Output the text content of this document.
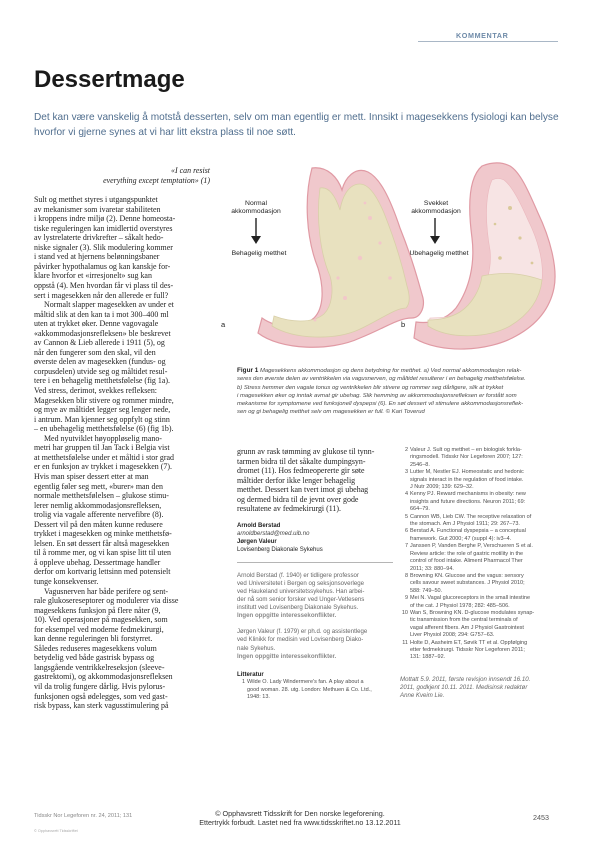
KOMMENTAR
Dessertmage

Det kan være vanskelig å motstå desserten, selv om man egentlig er mett. Innsikt i magesekkens fysiologi kan belyse hvorfor vi gjerne synes at vi har litt ekstra plass til noe søtt.

«I can resist
everything except temptation» (1)

Sult og metthet styres i utgangspunktet
av mekanismer som ivaretar stabiliteten
i kroppens indre miljø (2). Denne homeosta-
tiske reguleringen kan imidlertid overstyres
av lystrelaterte drivkrefter – såkalt hedo-
niske signaler (3). Slik modulering kommer
i stand ved at hjernens belønningsbaner
påvirker hypothalamus og kan kanskje for-
klare hvorfor et «irresjonelt» sug kan
oppstå (4). Men hvordan får vi plass til des-
sert i magesekken når den allerede er full?
Normalt slapper magesekken av under et
måltid slik at den kan ta i mot 300–400 ml
uten at trykket øker. Denne vagovagale
«akkommodasjonsrefleksen» ble beskrevet
av Cannon & Lieb allerede i 1911 (5), og
når den fungerer som den skal, vil den
øverste delen av magesekken (fundus- og
corpusdelen) utvide seg og måltidet resul-
tere i en behagelig metthetsfølelse (fig 1a).
Ved stress, derimot, svekkes refleksen:
Magesekken blir stivere og rommer mindre,
og mye av måltidet legger seg lenger nede,
i antrum. Man kjenner seg oppfylt og stinn
– en ubehagelig metthetsfølelse (6) (fig 1b).
Med nyutviklet høyoppløselig mano-
metri har gruppen til Jan Tack i Belgia vist
at metthetsfølelse under et måltid i stor grad
er en funksjon av trykket i magesekken (7).
Hvis man spiser dessert etter at man
egentlig føler seg mett, «burer» man den
normale metthetsfølelsen – glukose stimu-
lerer nemlig akkommodasjonsrefleksen,
trolig via vagale afferente nervefibre (8).
Dessert vil på den måten kunne redusere
trykket i magesekken og minke metthetsfø-
lelsen. En søt dessert får altså magesekken
til å romme mer, og vi kan spise litt til uten
å oppleve ubehag. Dessertmage handler
derfor om kortvarig lettsinn med potensielt
tunge konsekvenser.
Vagusnerven har både perifere og sent-
rale glukosereseptorer og modulerer via disse
magesekkens funksjon på flere nåter (9,
10). Ved operasjoner på magesekken, som
for eksempel ved moderne fedmekirurgi,
kan denne reguleringen bli forstyrret.
Således reduseres magesekkens volum
betydelig ved både gastrisk bypass og
langsgående ventrikkelreseksjon (sleeve-
gastrektomi), og akkommodasjonsrefleksen
vil da trolig fungere dårlig. Hvis pylorus-
funksjonen også ødelegges, som ved gast-
risk bypass, kan sterk vagusstimulering på
Normal
akkommodasjon
Behagelig metthet
Svekket
akkommodasjon
Ubehagelig metthet
a	b
Figur 1 Magesekkens akkommodasjon og dens betydning for metthet. a) Ved normal akkommodasjon relak-
seres den øverste delen av ventrikkelen via vagusnerven, og måltidet resulterer i en behagelig metthetsfølelse.
b) Stress hemmer den vagale tonus og ventrikkelen blir stivere og rommer seg dårligere, slik at trykket
i magesekken øker og inntak avmat gir ubehag. Slik hemming av akkommodasjonsrefleksen er forstått som
mekanisme for symptomene ved funksjonell dyspepsi (6). En søt dessert vil stimulere akkommodasjonsreflek-
sen og gi behagelig metthet selv om magesekken er full. © Kari Toverud
grunn av rask tømming av glukose til tynn-
tarmen bidra til det såkalte dumpingsyn-
dromet (11). Hos fedmeopererte gir søte
måltider derfor ikke lenger behagelig
metthet. Dessert kan tvert imot gi ubehag
og dermed bidra til de jevnt over gode
resultatene av fedmekirurgi (11).
Arnold Berstad
arnoldberstad@med.uib.no
Jørgen Valeur
Lovisenberg Diakonale Sykehus
Arnold Berstad (f. 1940) er tidligere professor
ved Universitetet i Bergen og seksjonsoverlege
ved Haukeland universitetssykehus. Han arbei-
der nå som senior forsker ved Unger-Vetlesens
institutt ved Lovisenberg Diakonale Sykehus.
Ingen oppgitte interessekonflikter.
Jørgen Valeur (f. 1979) er ph.d. og assistentlege
ved Klinikk for medisin ved Lovisenberg Diako-
nale Sykehus.
Ingen oppgitte interessekonflikter.
Litteratur
1 Wilde O. Lady Windermere's fan. A play about a
good woman. 28. utg. London: Methuen & Co. Ltd.,
1948: 13.
2 Valeur J. Sult og metthet – en biologisk forkla-
ringsmodell. Tidsskr Nor Legeforen 2007; 127:
2546–8.
3 Lutter M, Nestler EJ. Homeostatic and hedonic
signals interact in the regulation of food intake.
J Nutr 2009; 139: 629–32.
4 Kenny PJ. Reward mechanisms in obesity: new
insights and future directions. Neuron 2011; 69:
664–79.
5 Cannon WB, Lieb CW. The receptive relaxation of
the stomach. Am J Physiol 1911; 29: 267–73.
6 Berstad A. Functional dyspepsia – a conceptual
framework. Gut 2000; 47 (suppl 4): iv3–4.
7 Janssen P, Vanden Berghe P, Verschueren S et al.
Review article: the role of gastric motility in the
control of food intake. Aliment Pharmacol Ther
2011; 33: 880–94.
8 Browning KN. Glucose and the vagus: sensory
cells savour sweet substances. J Physiol 2010;
588: 749–50.
9 Mei N. Vagal glucoreceptors in the small intestine
of the cat. J Physiol 1978; 282: 485–506.
10 Wan S, Browning KN. D-glucose modulates synap-
tic transmission from the central terminals of
vagal afferent fibers. Am J Physiol Gastrointest
Liver Physiol 2008; 294: G757–63.
11 Holte D, Aasheim ET, Søvik TT et al. Oppfølging
etter fedmekirurgi. Tidsskr Nor Legeforen 2011;
131: 1887–92.
Mottatt 5.9. 2011, første revisjon innsendt 16.10.
2011, godkjent 10.11. 2011. Medisinsk redaktør
Anne Kveim Lie.
Tidsskr Nor Legeforen nr. 24, 2011; 131
© Opphavsrett Tidsskriftet
© Opphavsrett Tidsskrift for Den norske legeforening.
Ettertrykk forbudt. Lastet ned fra www.tidsskriftet.no 13.12.2011
2453
